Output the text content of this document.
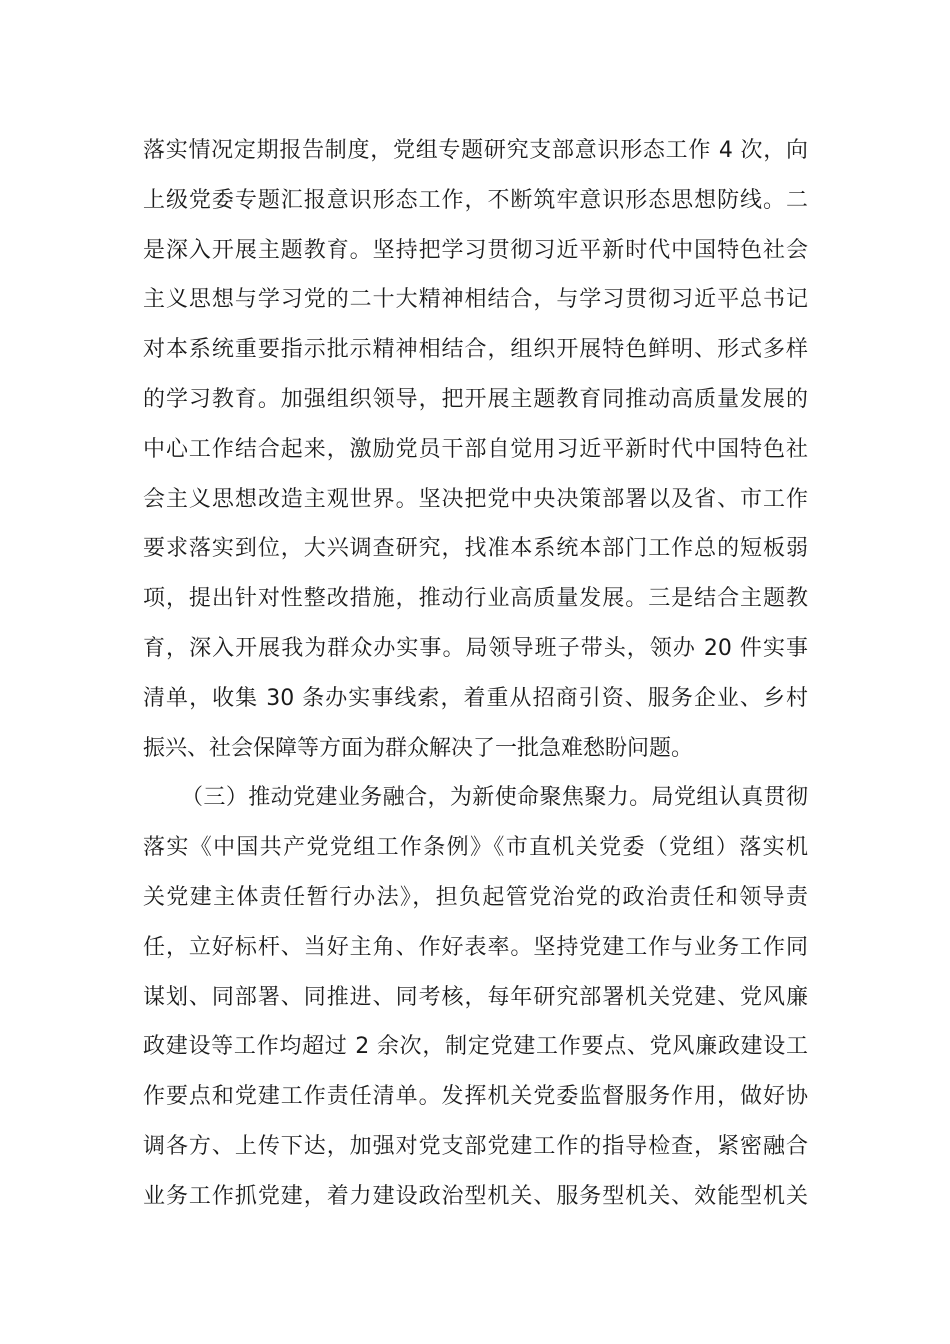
落实情况定期报告制度，党组专题研究支部意识形态工作 4 次，向
上级党委专题汇报意识形态工作，不断筑牢意识形态思想防线。二
是深入开展主题教育。坚持把学习贯彻习近平新时代中国特色社会
主义思想与学习党的二十大精神相结合，与学习贯彻习近平总书记
对本系统重要指示批示精神相结合，组织开展特色鲜明、形式多样
的学习教育。加强组织领导，把开展主题教育同推动高质量发展的
中心工作结合起来，激励党员干部自觉用习近平新时代中国特色社
会主义思想改造主观世界。坚决把党中央决策部署以及省、市工作
要求落实到位，大兴调查研究，找准本系统本部门工作总的短板弱
项，提出针对性整改措施，推动行业高质量发展。三是结合主题教
育，深入开展我为群众办实事。局领导班子带头，领办 20 件实事
清单，收集 30 条办实事线索，着重从招商引资、服务企业、乡村
振兴、社会保障等方面为群众解决了一批急难愁盼问题。
（三）推动党建业务融合，为新使命聚焦聚力。局党组认真贯彻
落实《中国共产党党组工作条例》《市直机关党委（党组）落实机
关党建主体责任暂行办法》，担负起管党治党的政治责任和领导责
任，立好标杆、当好主角、作好表率。坚持党建工作与业务工作同
谋划、同部署、同推进、同考核，每年研究部署机关党建、党风廉
政建设等工作均超过 2 余次，制定党建工作要点、党风廉政建设工
作要点和党建工作责任清单。发挥机关党委监督服务作用，做好协
调各方、上传下达，加强对党支部党建工作的指导检查，紧密融合
业务工作抓党建，着力建设政治型机关、服务型机关、效能型机关
